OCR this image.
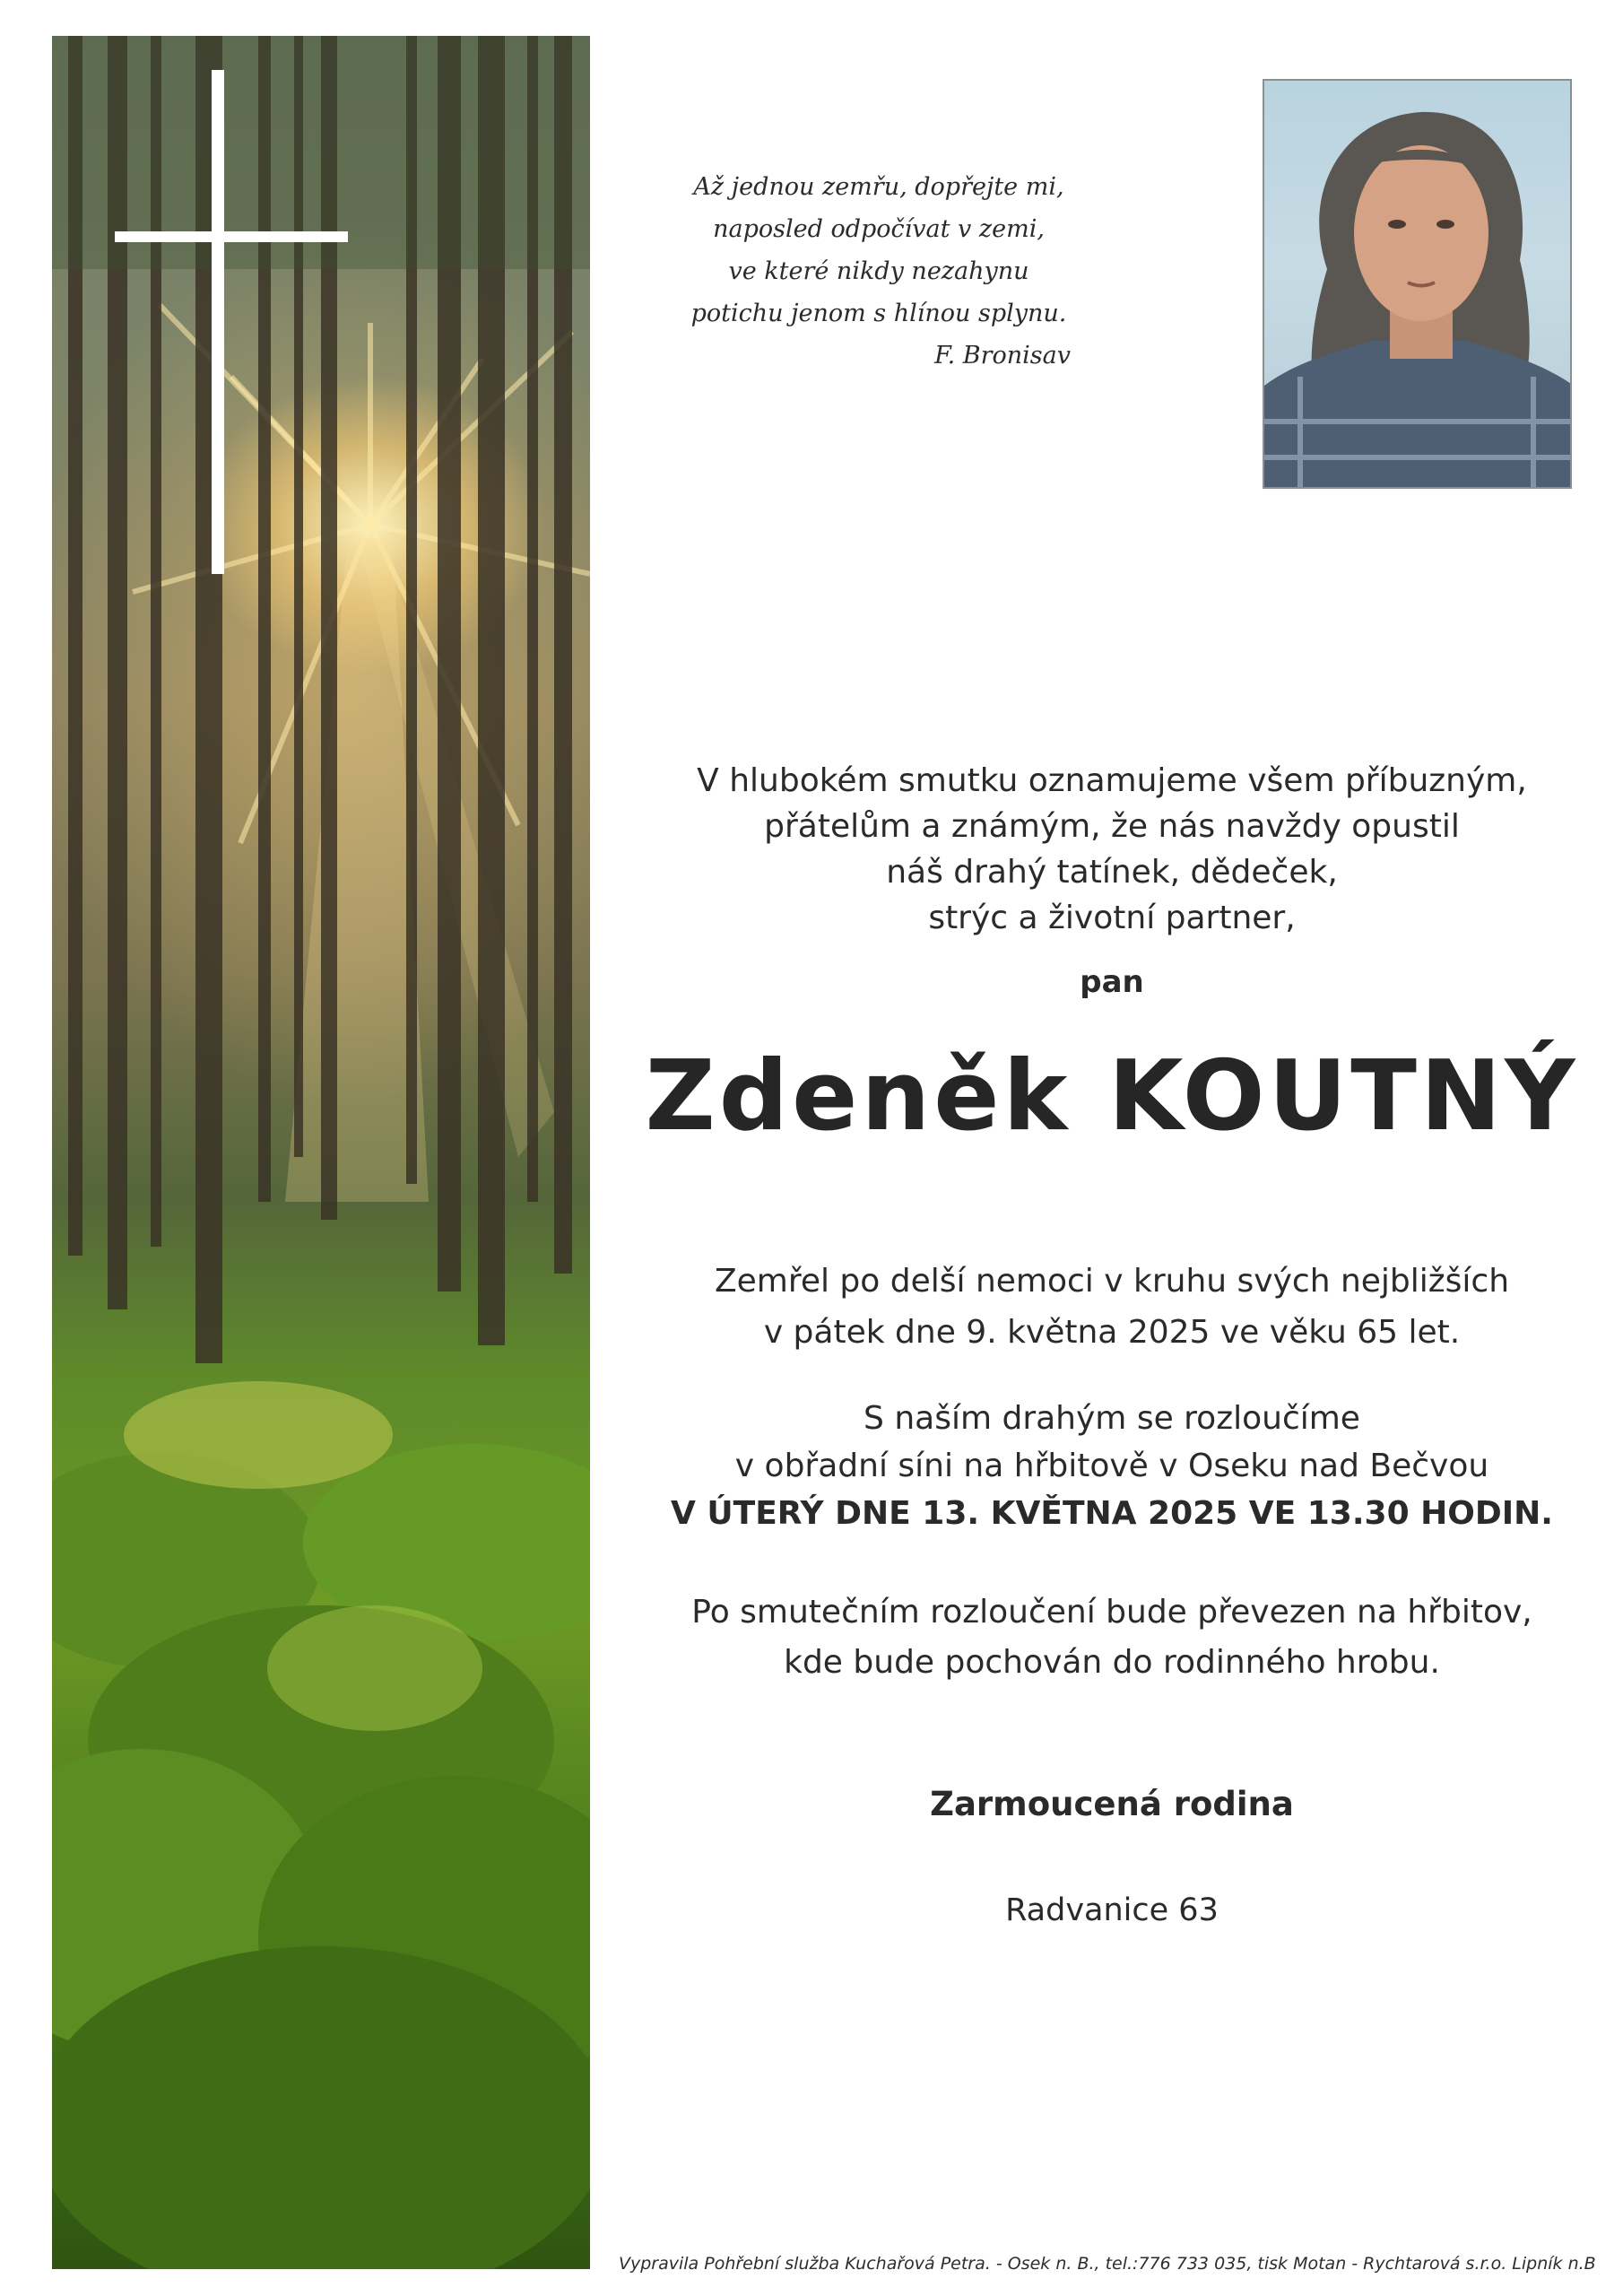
Až jednou zemřu, dopřejte mi,
naposled odpočívat v zemi,
ve které nikdy nezahynu
potichu jenom s hlínou splynu.
F. Bronisav
V hlubokém smutku oznamujeme všem příbuzným,
přátelům a známým, že nás navždy opustil
náš drahý tatínek, dědeček,
strýc a životní partner,
pan
Zdeněk KOUTNÝ
Zemřel po delší nemoci v kruhu svých nejbližších
v pátek dne 9. května 2025 ve věku 65 let.
S naším drahým se rozloučíme
v obřadní síni na hřbitově v Oseku nad Bečvou
V ÚTERÝ DNE 13. KVĚTNA 2025 VE 13.30 HODIN.
Po smutečním rozloučení bude převezen na hřbitov,
kde bude pochován do rodinného hrobu.
Zarmoucená rodina
Radvanice 63
Vypravila Pohřební služba Kuchařová Petra. - Osek n. B., tel.:776 733 035, tisk Motan - Rychtarová s.r.o. Lipník n.B
